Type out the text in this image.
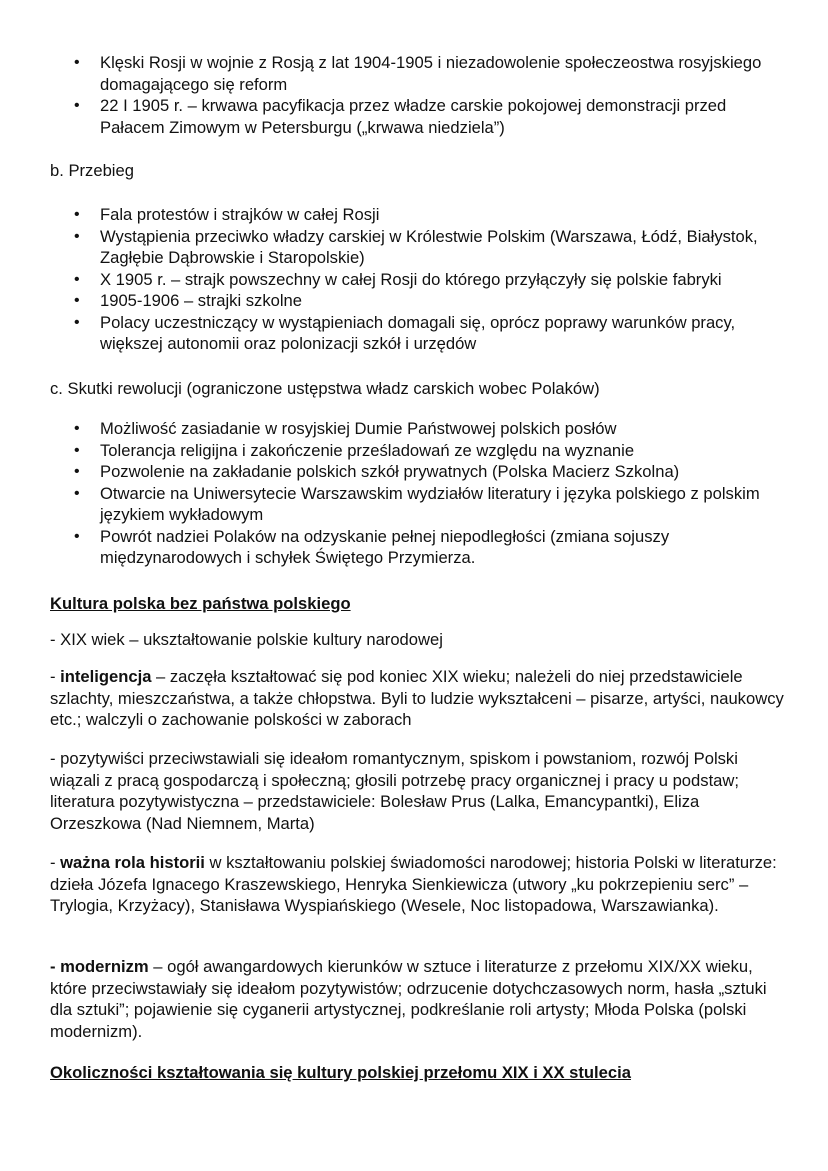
• Klęski Rosji w wojnie z Rosją z lat 1904-1905 i niezadowolenie społeczeostwa rosyjskiego domagającego się reform
• 22 I 1905 r. – krwawa pacyfikacja przez władze carskie pokojowej demonstracji przed Pałacem Zimowym w Petersburgu („krwawa niedziela”)

b. Przebieg

• Fala protestów i strajków w całej Rosji
• Wystąpienia przeciwko władzy carskiej w Królestwie Polskim (Warszawa, Łódź, Białystok, Zagłębie Dąbrowskie i Staropolskie)
• X 1905 r. – strajk powszechny w całej Rosji do którego przyłączyły się polskie fabryki
• 1905-1906 – strajki szkolne
• Polacy uczestniczący w wystąpieniach domagali się, oprócz poprawy warunków pracy, większej autonomii oraz polonizacji szkół i urzędów

c. Skutki rewolucji (ograniczone ustępstwa władz carskich wobec Polaków)

• Możliwość zasiadanie w rosyjskiej Dumie Państwowej polskich posłów
• Tolerancja religijna i zakończenie prześladowań ze względu na wyznanie
• Pozwolenie na zakładanie polskich szkół prywatnych (Polska Macierz Szkolna)
• Otwarcie na Uniwersytecie Warszawskim wydziałów literatury i języka polskiego z polskim językiem wykładowym
• Powrót nadziei Polaków na odzyskanie pełnej niepodległości (zmiana sojuszy międzynarodowych i schyłek Świętego Przymierza.

Kultura polska bez państwa polskiego

- XIX wiek – ukształtowanie polskie kultury narodowej

- inteligencja – zaczęła kształtować się pod koniec XIX wieku; należeli do niej przedstawiciele szlachty, mieszczaństwa, a także chłopstwa. Byli to ludzie wykształceni – pisarze, artyści, naukowcy etc.; walczyli o zachowanie polskości w zaborach

- pozytywiści przeciwstawiali się ideałom romantycznym, spiskom i powstaniom, rozwój Polski wiązali z pracą gospodarczą i społeczną; głosili potrzebę pracy organicznej i pracy u podstaw; literatura pozytywistyczna – przedstawiciele: Bolesław Prus (Lalka, Emancypantki), Eliza Orzeszkowa (Nad Niemnem, Marta)

- ważna rola historii w kształtowaniu polskiej świadomości narodowej; historia Polski w literaturze: dzieła Józefa Ignacego Kraszewskiego, Henryka Sienkiewicza (utwory „ku pokrzepieniu serc” – Trylogia, Krzyżacy), Stanisława Wyspiańskiego (Wesele, Noc listopadowa, Warszawianka).

- modernizm – ogół awangardowych kierunków w sztuce i literaturze z przełomu XIX/XX wieku, które przeciwstawiały się ideałom pozytywistów; odrzucenie dotychczasowych norm, hasła „sztuki dla sztuki”; pojawienie się cyganerii artystycznej, podkreślanie roli artysty; Młoda Polska (polski modernizm).

Okoliczności kształtowania się kultury polskiej przełomu XIX i XX stulecia
